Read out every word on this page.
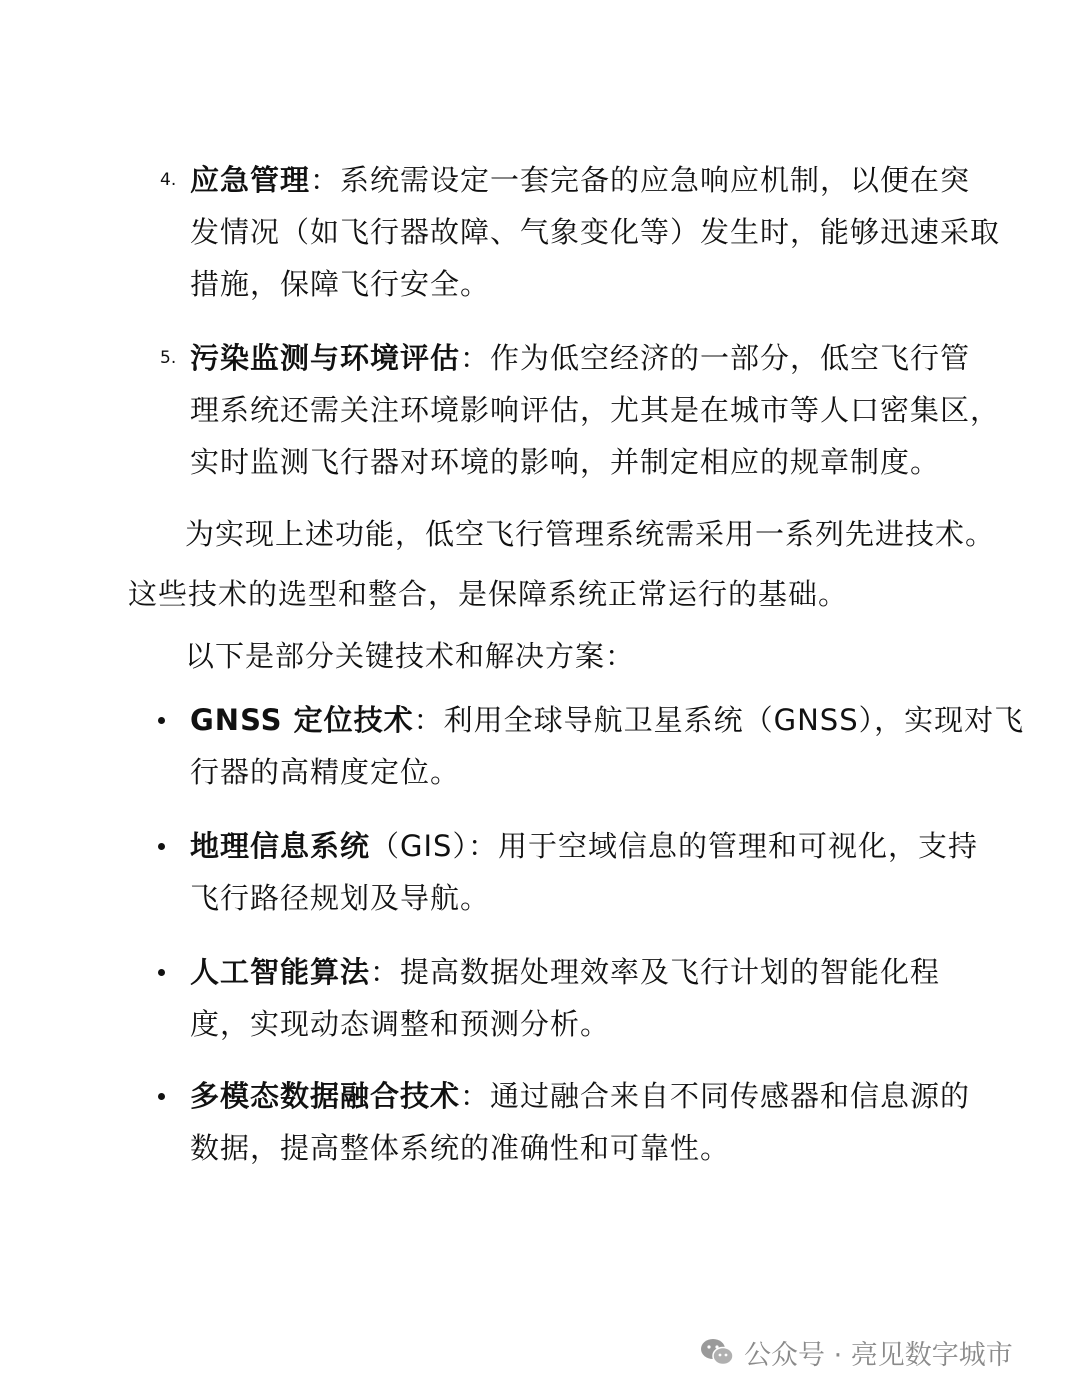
4. 应急管理：系统需设定一套完备的应急响应机制，以便在突
发情况（如飞行器故障、气象变化等）发生时，能够迅速采取
措施，保障飞行安全。
5. 污染监测与环境评估：作为低空经济的一部分，低空飞行管
理系统还需关注环境影响评估，尤其是在城市等人口密集区，
实时监测飞行器对环境的影响，并制定相应的规章制度。
为实现上述功能，低空飞行管理系统需采用一系列先进技术。
这些技术的选型和整合，是保障系统正常运行的基础。
以下是部分关键技术和解决方案：
GNSS 定位技术：利用全球导航卫星系统（GNSS），实现对飞
行器的高精度定位。
地理信息系统（GIS）：用于空域信息的管理和可视化，支持
飞行路径规划及导航。
人工智能算法：提高数据处理效率及飞行计划的智能化程
度，实现动态调整和预测分析。
多模态数据融合技术：通过融合来自不同传感器和信息源的
数据，提高整体系统的准确性和可靠性。
公众号 · 亮见数字城市
